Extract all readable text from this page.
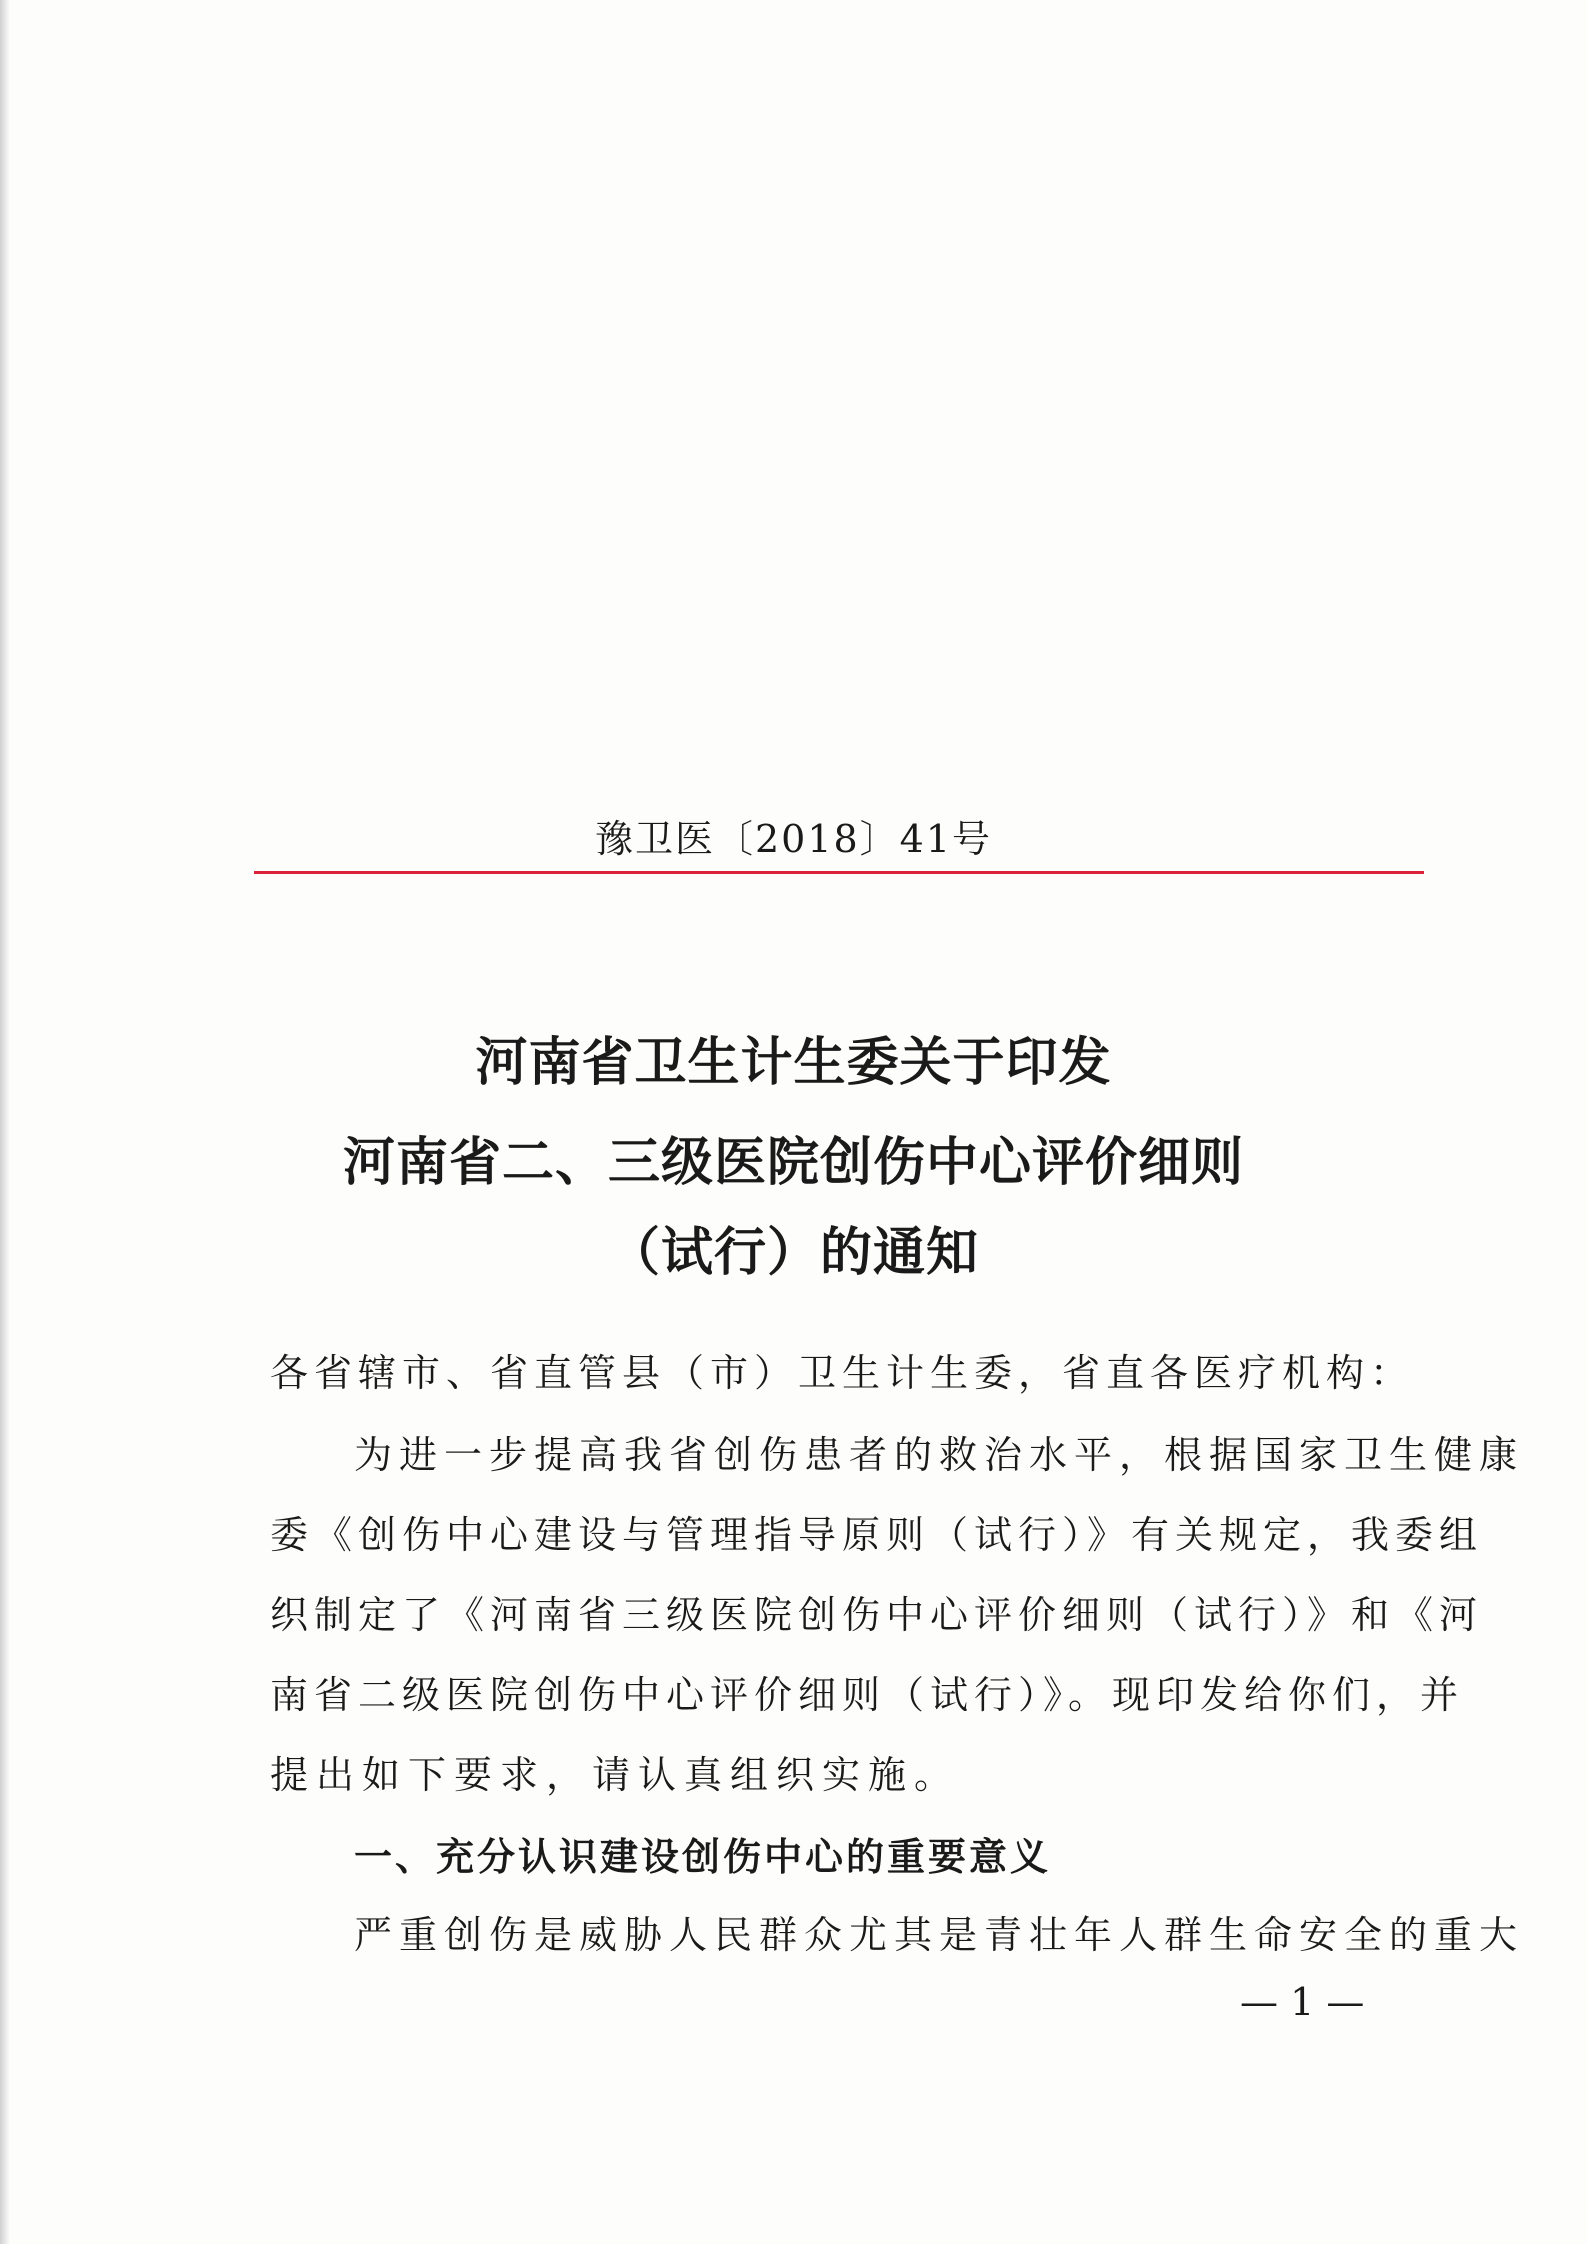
豫卫医〔2018〕41号
河南省卫生计生委关于印发
河南省二、三级医院创伤中心评价细则
（试行）的通知
各省辖市、省直管县（市）卫生计生委，省直各医疗机构：
为进一步提高我省创伤患者的救治水平，根据国家卫生健康
委《创伤中心建设与管理指导原则（试行）》有关规定，我委组
织制定了《河南省三级医院创伤中心评价细则（试行）》和《河
南省二级医院创伤中心评价细则（试行）》。现印发给你们，并
提出如下要求，请认真组织实施。
一、充分认识建设创伤中心的重要意义
严重创伤是威胁人民群众尤其是青壮年人群生命安全的重大
— 1 —
